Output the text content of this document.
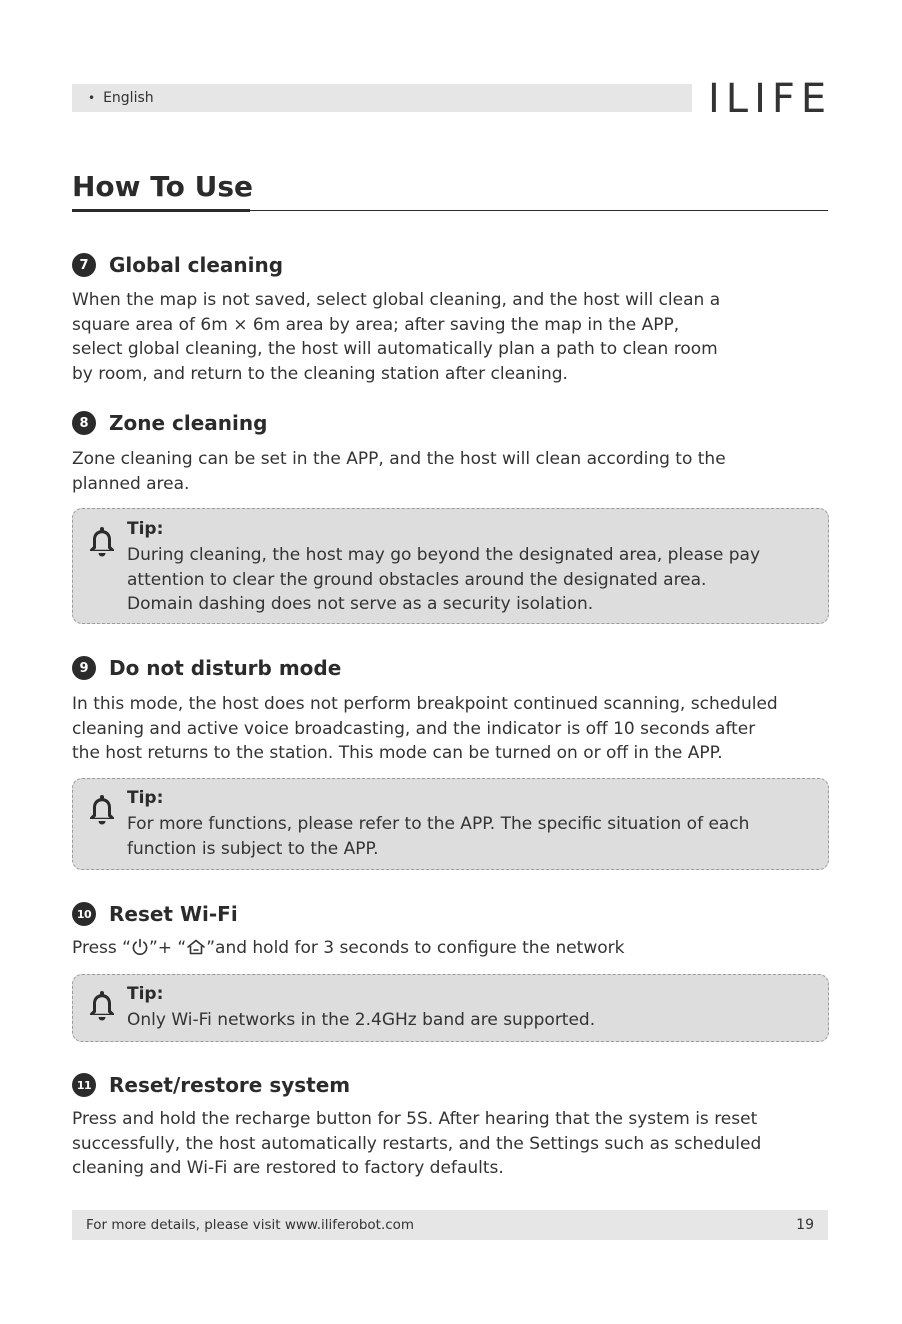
• English	ILIFE
How To Use
7	Global cleaning
When the map is not saved, select global cleaning, and the host will clean a
square area of 6m × 6m area by area; after saving the map in the APP,
select global cleaning, the host will automatically plan a path to clean room
by room, and return to the cleaning station after cleaning.
8	Zone cleaning
Zone cleaning can be set in the APP, and the host will clean according to the
planned area.
Tip:
During cleaning, the host may go beyond the designated area, please pay
attention to clear the ground obstacles around the designated area.
Domain dashing does not serve as a security isolation.
9	Do not disturb mode
In this mode, the host does not perform breakpoint continued scanning, scheduled
cleaning and active voice broadcasting, and the indicator is off 10 seconds after
the host returns to the station. This mode can be turned on or off in the APP.
Tip:
For more functions, please refer to the APP. The specific situation of each
function is subject to the APP.
10 Reset Wi-Fi
Press “ ”+ “ ”and hold for 3 seconds to configure the network
Tip:
Only Wi-Fi networks in the 2.4GHz band are supported.
11 Reset/restore system
Press and hold the recharge button for 5S. After hearing that the system is reset
successfully, the host automatically restarts, and the Settings such as scheduled
cleaning and Wi-Fi are restored to factory defaults.
For more details, please visit www.iliferobot.com	19
